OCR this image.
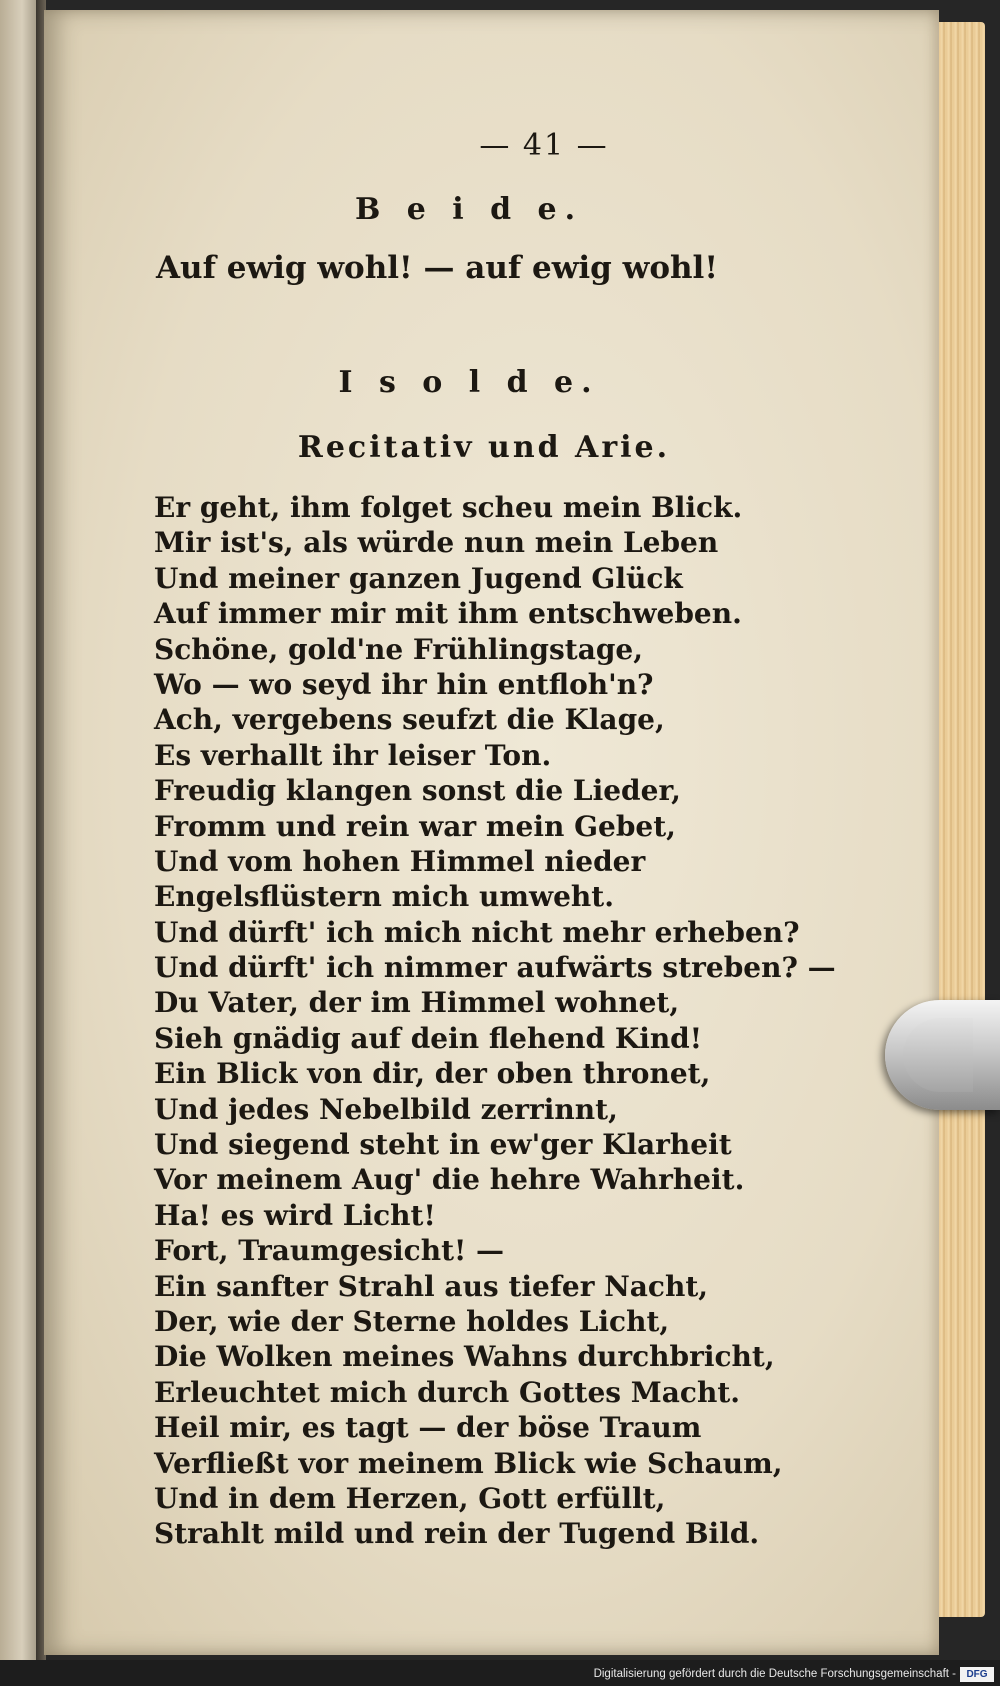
— 41 —
B e i d e.
Auf ewig wohl! — auf ewig wohl!
I s o l d e.
Recitativ und Arie.
Er geht, ihm folget scheu mein Blick.
Mir ist's, als würde nun mein Leben
Und meiner ganzen Jugend Glück
Auf immer mir mit ihm entschweben.
Schöne, gold'ne Frühlingstage,
Wo — wo seyd ihr hin entfloh'n?
Ach, vergebens seufzt die Klage,
Es verhallt ihr leiser Ton.
Freudig klangen sonst die Lieder,
Fromm und rein war mein Gebet,
Und vom hohen Himmel nieder
Engelsflüstern mich umweht.
Und dürft' ich mich nicht mehr erheben?
Und dürft' ich nimmer aufwärts streben? —
Du Vater, der im Himmel wohnet,
Sieh gnädig auf dein flehend Kind!
Ein Blick von dir, der oben thronet,
Und jedes Nebelbild zerrinnt,
Und siegend steht in ew'ger Klarheit
Vor meinem Aug' die hehre Wahrheit.
Ha! es wird Licht!
Fort, Traumgesicht! —
Ein sanfter Strahl aus tiefer Nacht,
Der, wie der Sterne holdes Licht,
Die Wolken meines Wahns durchbricht,
Erleuchtet mich durch Gottes Macht.
Heil mir, es tagt — der böse Traum
Verfließt vor meinem Blick wie Schaum,
Und in dem Herzen, Gott erfüllt,
Strahlt mild und rein der Tugend Bild.
Digitalisierung gefördert durch die Deutsche Forschungsgemeinschaft -	DFG
